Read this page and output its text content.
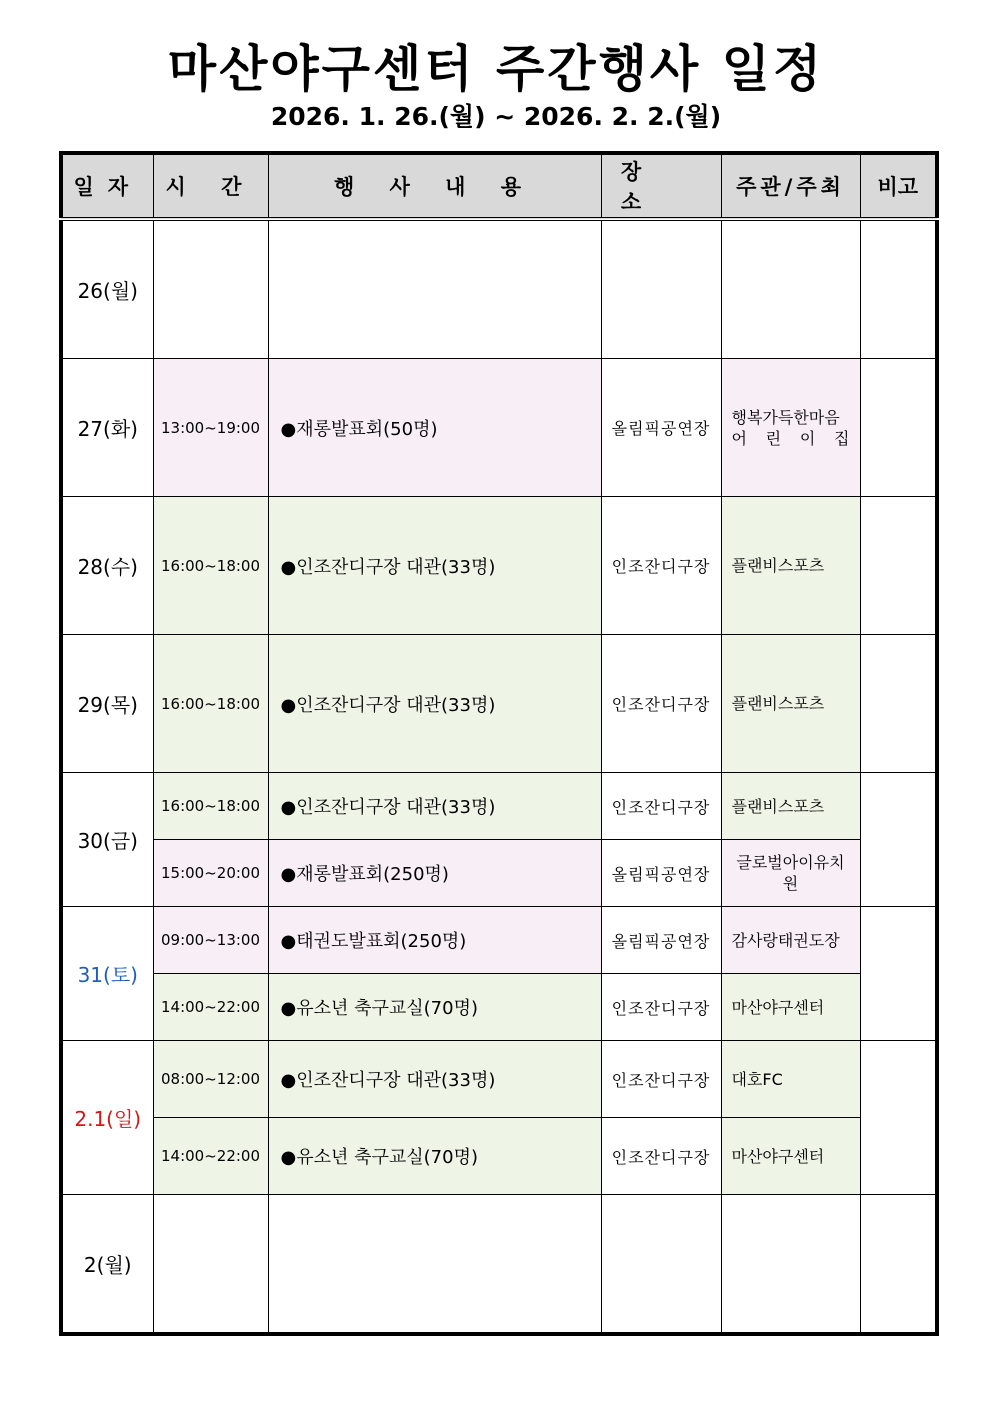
마산야구센터 주간행사 일정
2026. 1. 26.(월) ~ 2026. 2. 2.(월)
일자	시 간	행 사 내 용	장 소	주관/주최	비고
26(월)					
27(화)	13:00~19:00	●재롱발표회(50명)	올림픽공연장	행복가득한마음
어 린 이 집	

28(수)	16:00~18:00	●인조잔디구장 대관(33명)	인조잔디구장	플랜비스포츠	
29(목)	16:00~18:00	●인조잔디구장 대관(33명)	인조잔디구장	플랜비스포츠	
30(금)	16:00~18:00	●인조잔디구장 대관(33명)	인조잔디구장	플랜비스포츠	
	15:00~20:00	●재롱발표회(250명)	올림픽공연장	글로벌아이유치원	
31(토)	09:00~13:00	●태권도발표회(250명)	올림픽공연장	감사랑태권도장	
	14:00~22:00	●유소년 축구교실(70명)	인조잔디구장	마산야구센터	
2.1(일)	08:00~12:00	●인조잔디구장 대관(33명)	인조잔디구장	대호FC	
	14:00~22:00	●유소년 축구교실(70명)	인조잔디구장	마산야구센터	
2(월)					
